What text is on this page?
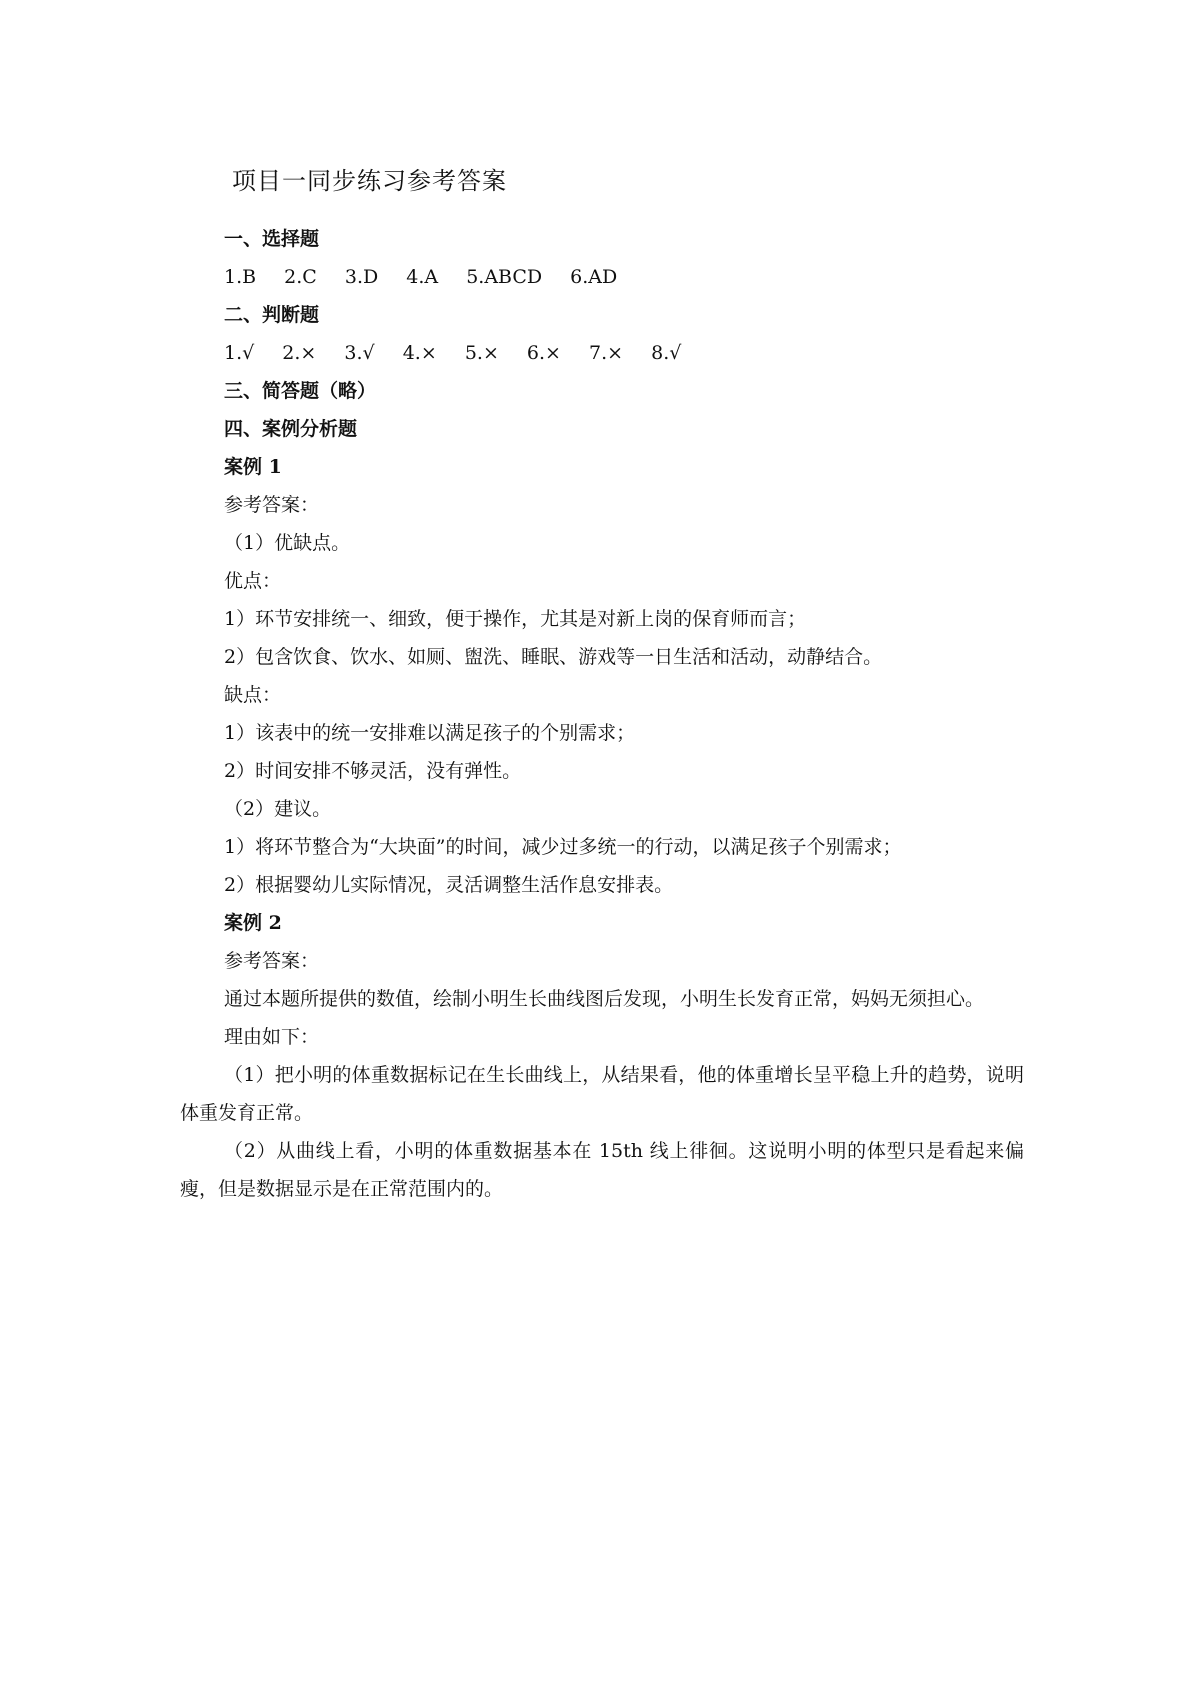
项目一同步练习参考答案
一、选择题
1.B 2.C 3.D 4.A 5.ABCD 6.AD
二、判断题
1.√ 2.× 3.√ 4.× 5.× 6.× 7.× 8.√
三、简答题（略）
四、案例分析题
案例 1
参考答案：
（1）优缺点。
优点：
1）环节安排统一、细致，便于操作，尤其是对新上岗的保育师而言；
2）包含饮食、饮水、如厕、盥洗、睡眠、游戏等一日生活和活动，动静结合。
缺点：
1）该表中的统一安排难以满足孩子的个别需求；
2）时间安排不够灵活，没有弹性。
（2）建议。
1）将环节整合为“大块面”的时间，减少过多统一的行动，以满足孩子个别需求；
2）根据婴幼儿实际情况，灵活调整生活作息安排表。
案例 2
参考答案：
通过本题所提供的数值，绘制小明生长曲线图后发现，小明生长发育正常，妈妈无须担心。
理由如下：
（1）把小明的体重数据标记在生长曲线上，从结果看，他的体重增长呈平稳上升的趋势，说明体重发育正常。
（2）从曲线上看，小明的体重数据基本在 15th 线上徘徊。这说明小明的体型只是看起来偏瘦，但是数据显示是在正常范围内的。
